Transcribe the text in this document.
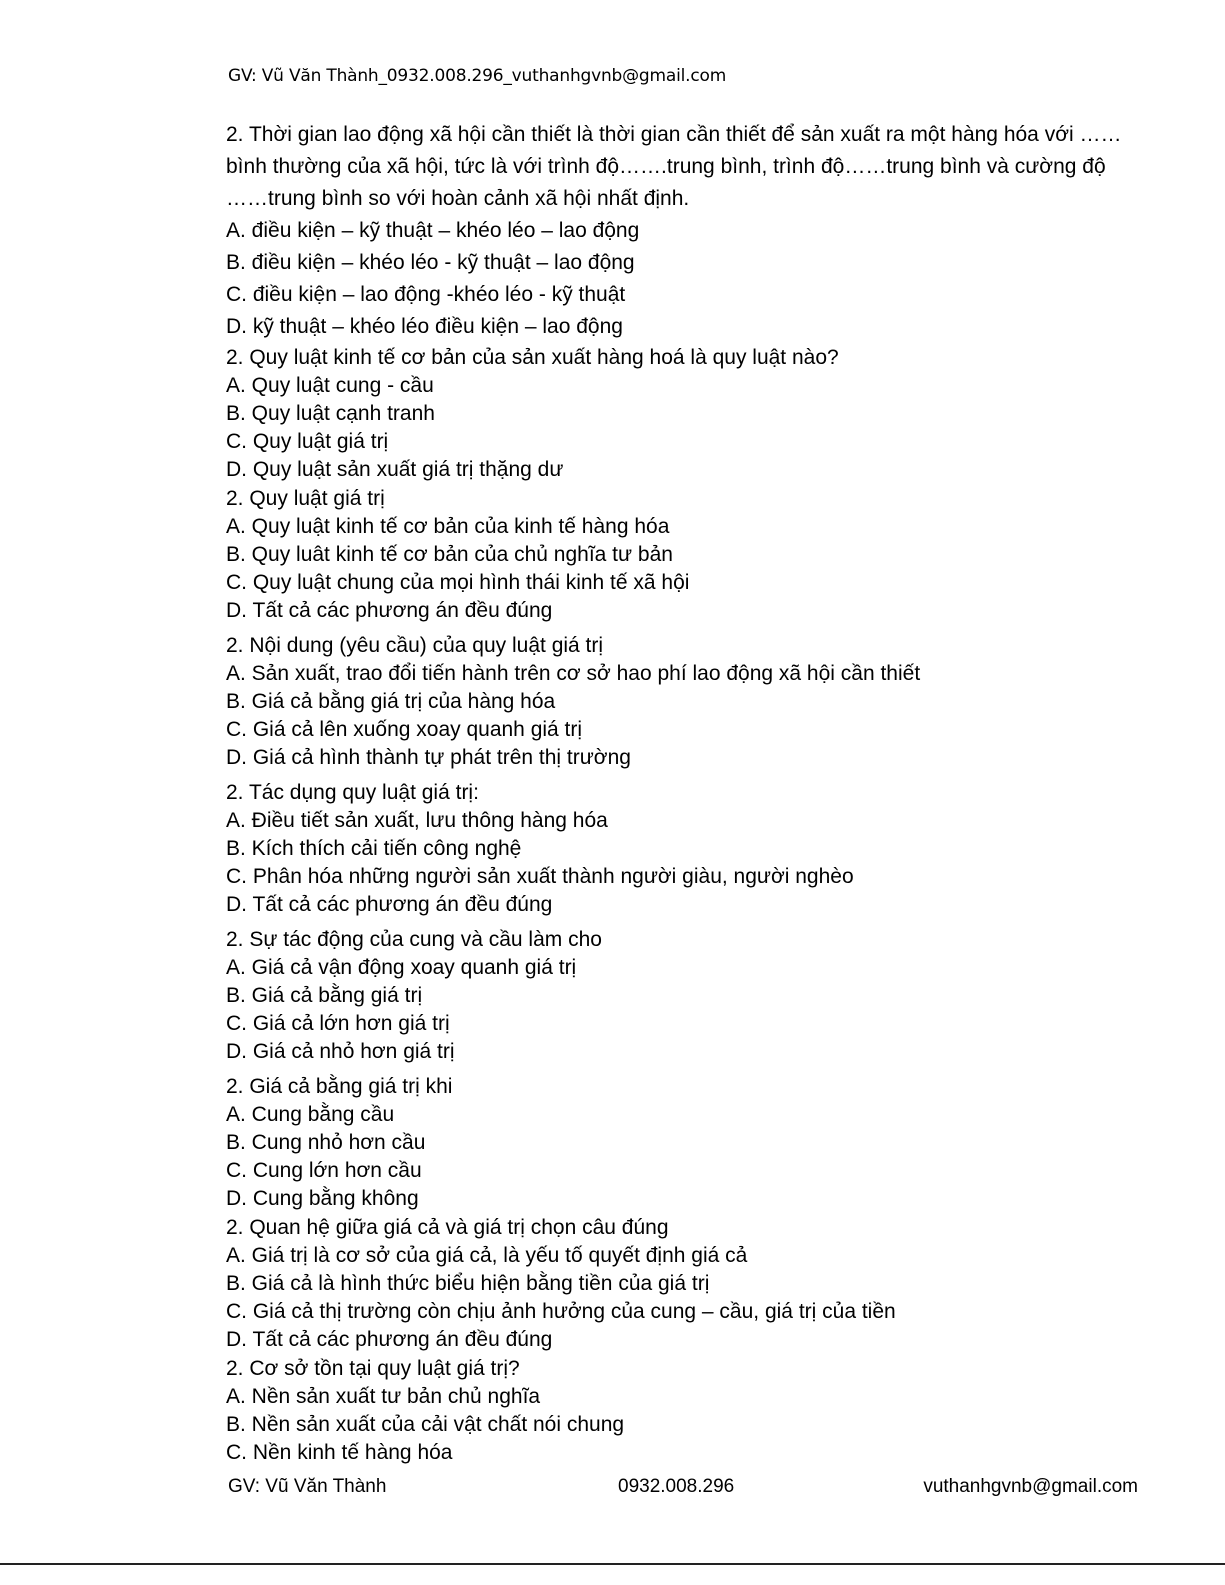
GV: Vũ Văn Thành_0932.008.296_vuthanhgvnb@gmail.com
2. Thời gian lao động xã hội cần thiết là thời gian cần thiết để sản xuất ra một hàng hóa với …… bình thường của xã hội, tức là với trình độ…….trung bình, trình độ……trung bình và cường độ ……trung bình so với hoàn cảnh xã hội nhất định.
A. điều kiện – kỹ thuật – khéo léo – lao động
B. điều kiện – khéo léo - kỹ thuật – lao động
C. điều kiện – lao động -khéo léo - kỹ thuật
D. kỹ thuật – khéo léo điều kiện – lao động
2. Quy luật kinh tế cơ bản của sản xuất hàng hoá là quy luật nào?
A. Quy luật cung - cầu
B. Quy luật cạnh tranh
C. Quy luật giá trị
D. Quy luật sản xuất giá trị thặng dư
2. Quy luật giá trị
A. Quy luật kinh tế cơ bản của kinh tế hàng hóa
B. Quy luât kinh tế cơ bản của chủ nghĩa tư bản
C. Quy luật chung của mọi hình thái kinh tế xã hội
D. Tất cả các phương án đều đúng
2. Nội dung (yêu cầu) của quy luật giá trị
A. Sản xuất, trao đổi tiến hành trên cơ sở hao phí lao động xã hội cần thiết
B. Giá cả bằng giá trị của hàng hóa
C. Giá cả lên xuống xoay quanh giá trị
D. Giá cả hình thành tự phát trên thị trường
2. Tác dụng quy luật giá trị:
A. Điều tiết sản xuất, lưu thông hàng hóa
B. Kích thích cải tiến công nghệ
C. Phân hóa những người sản xuất thành người giàu, người nghèo
D. Tất cả các phương án đều đúng
2. Sự tác động của cung và cầu làm cho
A. Giá cả vận động xoay quanh giá trị
B. Giá cả bằng giá trị
C. Giá cả lớn hơn giá trị
D. Giá cả nhỏ hơn giá trị
2. Giá cả bằng giá trị khi
A. Cung bằng cầu
B. Cung nhỏ hơn cầu
C. Cung lớn hơn cầu
D. Cung bằng không
2. Quan hệ giữa giá cả và giá trị chọn câu đúng
A. Giá trị là cơ sở của giá cả, là yếu tố quyết định giá cả
B. Giá cả là hình thức biểu hiện bằng tiền của giá trị
C. Giá cả thị trường còn chịu ảnh hưởng của cung – cầu, giá trị của tiền
D. Tất cả các phương án đều đúng
2. Cơ sở tồn tại quy luật giá trị?
A. Nền sản xuất tư bản chủ nghĩa
B. Nền sản xuất của cải vật chất nói chung
C. Nền kinh tế hàng hóa
GV: Vũ Văn Thành	0932.008.296	vuthanhgvnb@gmail.com
